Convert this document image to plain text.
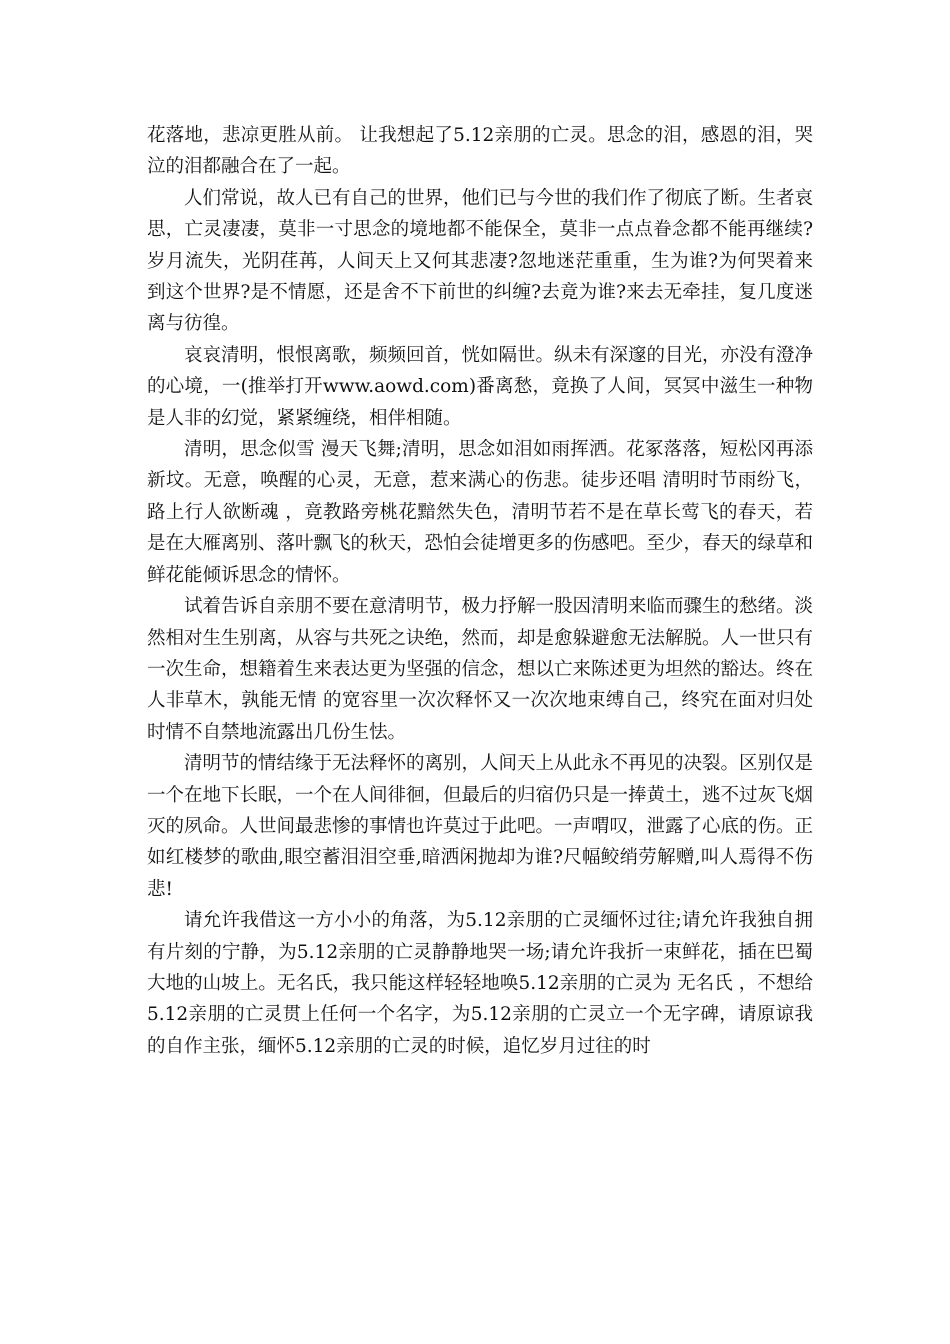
花落地，悲凉更胜从前。 让我想起了5.12亲朋的亡灵。思念的泪，感恩的泪，哭泣的泪都融合在了一起。

人们常说，故人已有自己的世界，他们已与今世的我们作了彻底了断。生者哀思，亡灵凄凄，莫非一寸思念的境地都不能保全，莫非一点点眷念都不能再继续?岁月流失，光阴荏苒，人间天上又何其悲凄?忽地迷茫重重，生为谁?为何哭着来到这个世界?是不情愿，还是舍不下前世的纠缠?去竟为谁?来去无牵挂，复几度迷离与彷徨。

哀哀清明，恨恨离歌，频频回首，恍如隔世。纵未有深邃的目光，亦没有澄净的心境，一(推举打开www.aowd.com)番离愁，竟换了人间，冥冥中滋生一种物是人非的幻觉，紧紧缠绕，相伴相随。

清明，思念似雪 漫天飞舞;清明，思念如泪如雨挥洒。花冢落落，短松冈再添新坟。无意，唤醒的心灵，无意，惹来满心的伤悲。徒步还唱 清明时节雨纷飞，路上行人欲断魂 ，竟教路旁桃花黯然失色，清明节若不是在草长莺飞的春天，若是在大雁离别、落叶飘飞的秋天，恐怕会徒增更多的伤感吧。至少，春天的绿草和鲜花能倾诉思念的情怀。

试着告诉自亲朋不要在意清明节，极力抒解一股因清明来临而骤生的愁绪。淡然相对生生别离，从容与共死之诀绝，然而，却是愈躲避愈无法解脱。人一世只有一次生命，想籍着生来表达更为坚强的信念，想以亡来陈述更为坦然的豁达。终在 人非草木，孰能无情 的宽容里一次次释怀又一次次地束缚自己，终究在面对归处时情不自禁地流露出几份生怯。

清明节的情结缘于无法释怀的离别，人间天上从此永不再见的决裂。区别仅是一个在地下长眠，一个在人间徘徊，但最后的归宿仍只是一捧黄土，逃不过灰飞烟灭的夙命。人世间最悲惨的事情也许莫过于此吧。一声喟叹，泄露了心底的伤。正如红楼梦的歌曲,眼空蓄泪泪空垂,暗洒闲抛却为谁?尺幅鲛绡劳解赠,叫人焉得不伤悲!

请允许我借这一方小小的角落，为5.12亲朋的亡灵缅怀过往;请允许我独自拥有片刻的宁静，为5.12亲朋的亡灵静静地哭一场;请允许我折一束鲜花，插在巴蜀大地的山坡上。无名氏，我只能这样轻轻地唤5.12亲朋的亡灵为 无名氏 ，不想给5.12亲朋的亡灵贯上任何一个名字，为5.12亲朋的亡灵立一个无字碑，请原谅我的自作主张，缅怀5.12亲朋的亡灵的时候，追忆岁月过往的时
